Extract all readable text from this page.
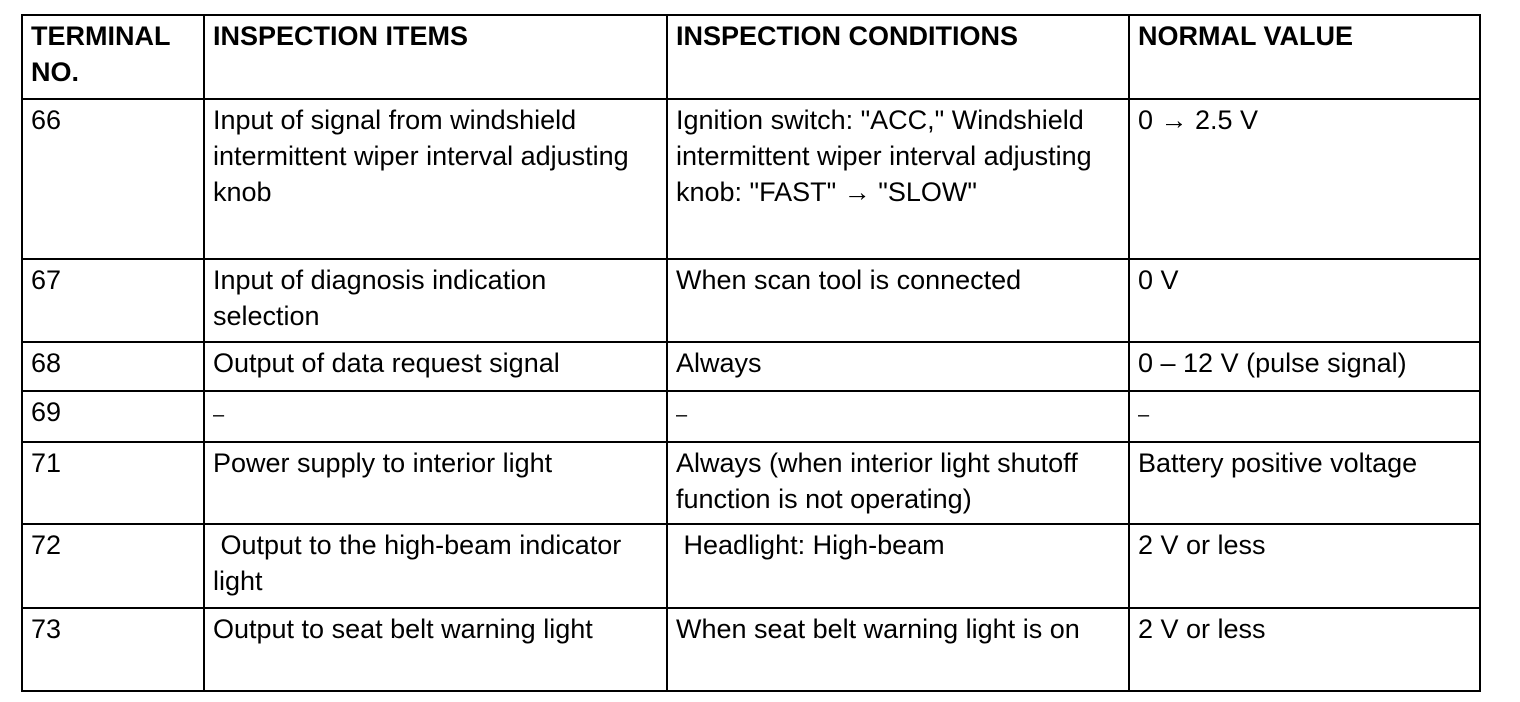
TERMINAL NO.	INSPECTION ITEMS	INSPECTION CONDITIONS	NORMAL VALUE
66	Input of signal from windshield intermittent wiper interval adjusting knob	Ignition switch: "ACC," Windshield intermittent wiper interval adjusting knob: "FAST" → "SLOW"	0 → 2.5 V
67	Input of diagnosis indication selection	When scan tool is connected	0 V
68	Output of data request signal	Always	0 – 12 V (pulse signal)
69	–	–	–
71	Power supply to interior light	Always (when interior light shutoff function is not operating)	Battery positive voltage
72	Output to the high-beam indicator light	Headlight: High-beam	2 V or less
73	Output to seat belt warning light	When seat belt warning light is on	2 V or less
